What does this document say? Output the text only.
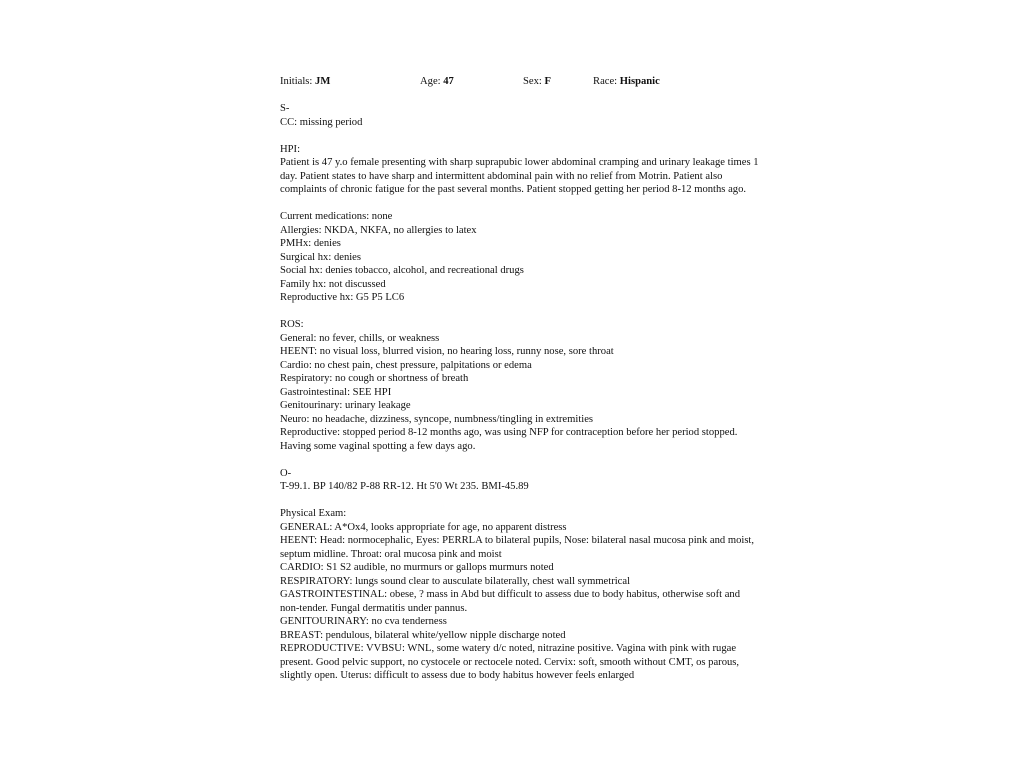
Initials: JM	Age: 47	Sex: F	Race: Hispanic
S-
CC: missing period
HPI:
Patient is 47 y.o female presenting with sharp suprapubic lower abdominal cramping and urinary leakage times 1 day. Patient states to have sharp and intermittent abdominal pain with no relief from Motrin. Patient also complaints of chronic fatigue for the past several months. Patient stopped getting her period 8-12 months ago.
Current medications: none
Allergies: NKDA, NKFA, no allergies to latex
PMHx: denies
Surgical hx: denies
Social hx: denies tobacco, alcohol, and recreational drugs
Family hx: not discussed
Reproductive hx: G5 P5 LC6
ROS:
General: no fever, chills, or weakness
HEENT: no visual loss, blurred vision, no hearing loss, runny nose, sore throat
Cardio: no chest pain, chest pressure, palpitations or edema
Respiratory: no cough or shortness of breath
Gastrointestinal: SEE HPI
Genitourinary: urinary leakage
Neuro: no headache, dizziness, syncope, numbness/tingling in extremities
Reproductive: stopped period 8-12 months ago, was using NFP for contraception before her period stopped. Having some vaginal spotting a few days ago.
O-
T-99.1. BP 140/82 P-88 RR-12. Ht 5'0 Wt 235. BMI-45.89
Physical Exam:
GENERAL: A*Ox4, looks appropriate for age, no apparent distress
HEENT: Head: normocephalic, Eyes: PERRLA to bilateral pupils, Nose: bilateral nasal mucosa pink and moist, septum midline. Throat: oral mucosa pink and moist
CARDIO: S1 S2 audible, no murmurs or gallops murmurs noted
RESPIRATORY: lungs sound clear to ausculate bilaterally, chest wall symmetrical
GASTROINTESTINAL: obese, ? mass in Abd but difficult to assess due to body habitus, otherwise soft and non-tender. Fungal dermatitis under pannus.
GENITOURINARY: no cva tenderness
BREAST: pendulous, bilateral white/yellow nipple discharge noted
REPRODUCTIVE: VVBSU: WNL, some watery d/c noted, nitrazine positive. Vagina with pink with rugae present. Good pelvic support, no cystocele or rectocele noted. Cervix: soft, smooth without CMT, os parous, slightly open. Uterus: difficult to assess due to body habitus however feels enlarged
